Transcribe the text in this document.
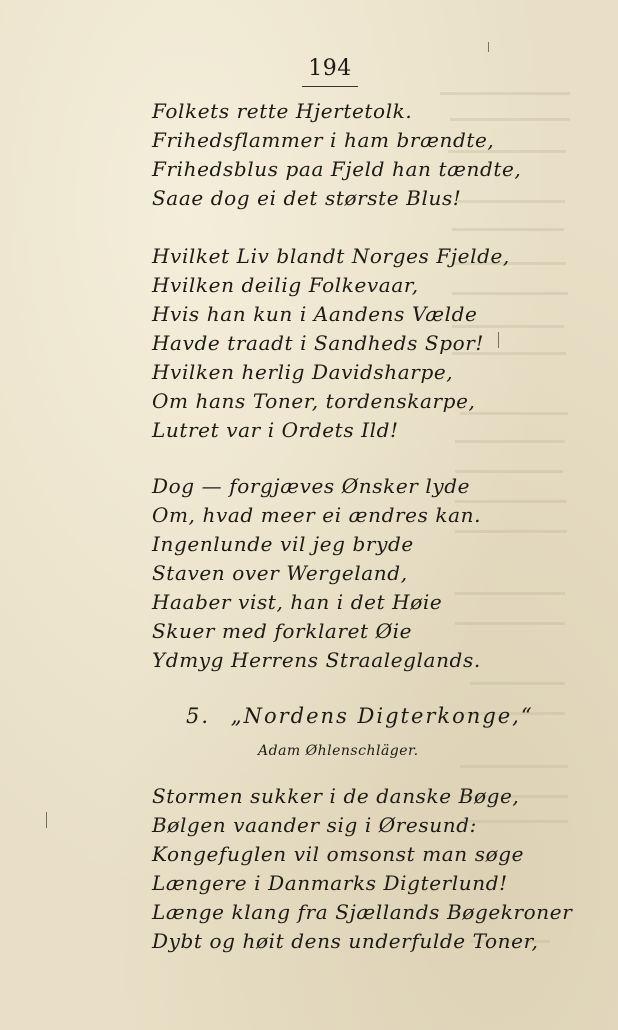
194
Folkets rette Hjertetolk.
Frihedsflammer i ham brændte,
Frihedsblus paa Fjeld han tændte,
Saae dog ei det største Blus!
Hvilket Liv blandt Norges Fjelde,
Hvilken deilig Folkevaar,
Hvis han kun i Aandens Vælde
Havde traadt i Sandheds Spor!
Hvilken herlig Davidsharpe,
Om hans Toner, tordenskarpe,
Lutret var i Ordets Ild!
Dog — forgjæves Ønsker lyde
Om, hvad meer ei ændres kan.
Ingenlunde vil jeg bryde
Staven over Wergeland,
Haaber vist, han i det Høie
Skuer med forklaret Øie
Ydmyg Herrens Straaleglands.
5. „Nordens Digterkonge,“
Adam Øhlenschläger.
Stormen sukker i de danske Bøge,
Bølgen vaander sig i Øresund:
Kongefuglen vil omsonst man søge
Længere i Danmarks Digterlund!
Længe klang fra Sjællands Bøgekroner
Dybt og høit dens underfulde Toner,
